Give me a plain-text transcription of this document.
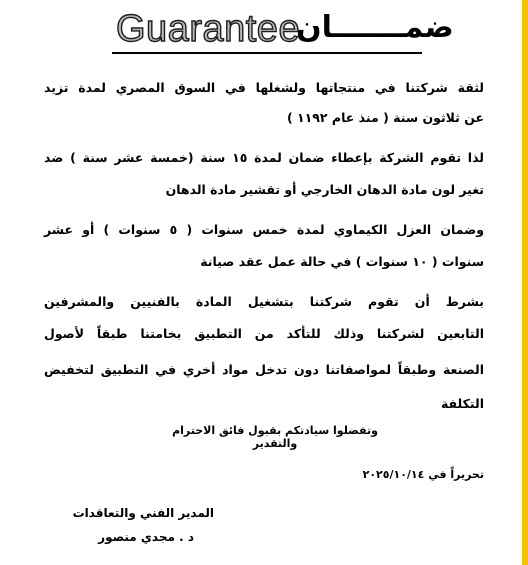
Guarantee
ضمـــــــان
لثقة شركتنا في منتجاتها ولشغلها في السوق المصري لمدة تزيد
عن ثلاثون سنة ( منذ عام ١١٩٢ )
لذا تقوم الشركة بإعطاء ضمان لمدة ١٥ سنة (خمسة عشر سنة ) ضد
تغير لون مادة الدهان الخارجي أو تقشير مادة الدهان
وضمان العزل الكيماوي لمدة خمس سنوات ( ٥ سنوات ) أو عشر
سنوات ( ١٠ سنوات ) في حالة عمل عقد صيانة
بشرط أن تقوم شركتنا بتشغيل المادة بالفنيين والمشرفين
التابعين لشركتنا وذلك للتأكد من التطبيق بخامتنا طبقاً لأصول
الصنعة وطبقاً لمواصفاتنا دون تدخل مواد أخري في التطبيق لتخفيض
التكلفة
وتفضلوا سيادتكم بقبول فائق الاحترام والتقدير
تحريراً في ٢٠٢٥/١٠/١٤
المدير الفني والتعاقدات
د . مجدي منصور
